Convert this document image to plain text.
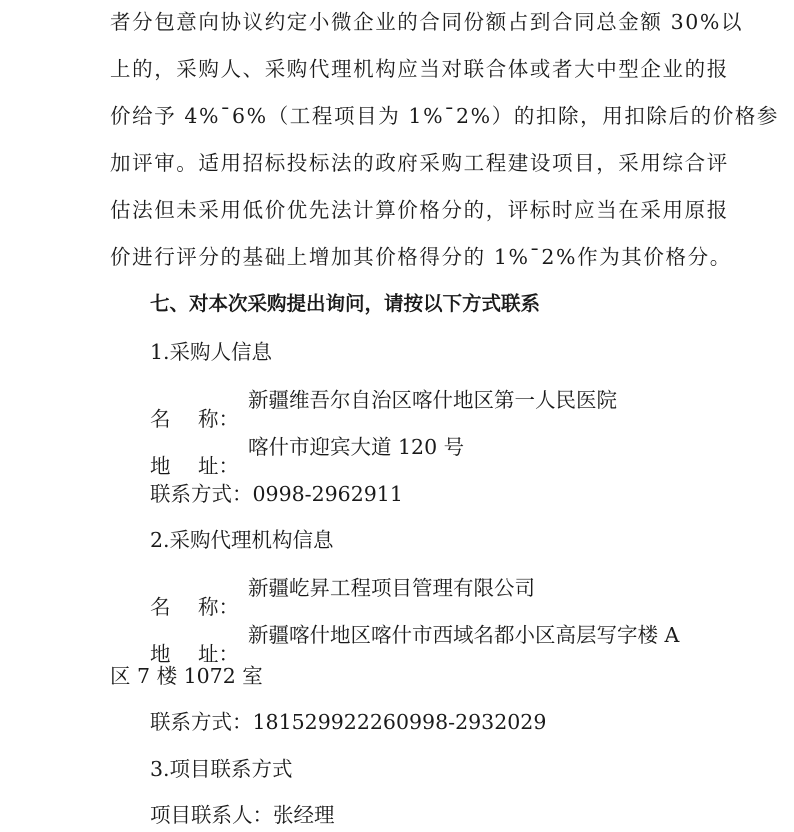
者分包意向协议约定小微企业的合同份额占到合同总金额 30%以
上的，采购人、采购代理机构应当对联合体或者大中型企业的报
价给予 4%¯6%（工程项目为 1%¯2%）的扣除，用扣除后的价格参
加评审。适用招标投标法的政府采购工程建设项目，采用综合评
估法但未采用低价优先法计算价格分的，评标时应当在采用原报
价进行评分的基础上增加其价格得分的 1%¯2%作为其价格分。
七、对本次采购提出询问，请按以下方式联系
1.采购人信息
名 称：
新疆维吾尔自治区喀什地区第一人民医院
地 址：
喀什市迎宾大道 120 号
联系方式：0998-2962911
2.采购代理机构信息
名 称：
新疆屹昇工程项目管理有限公司
地 址：
新疆喀什地区喀什市西域名都小区高层写字楼 A
区 7 楼 1072 室
联系方式：181529922260998-2932029
3.项目联系方式
项目联系人：张经理
